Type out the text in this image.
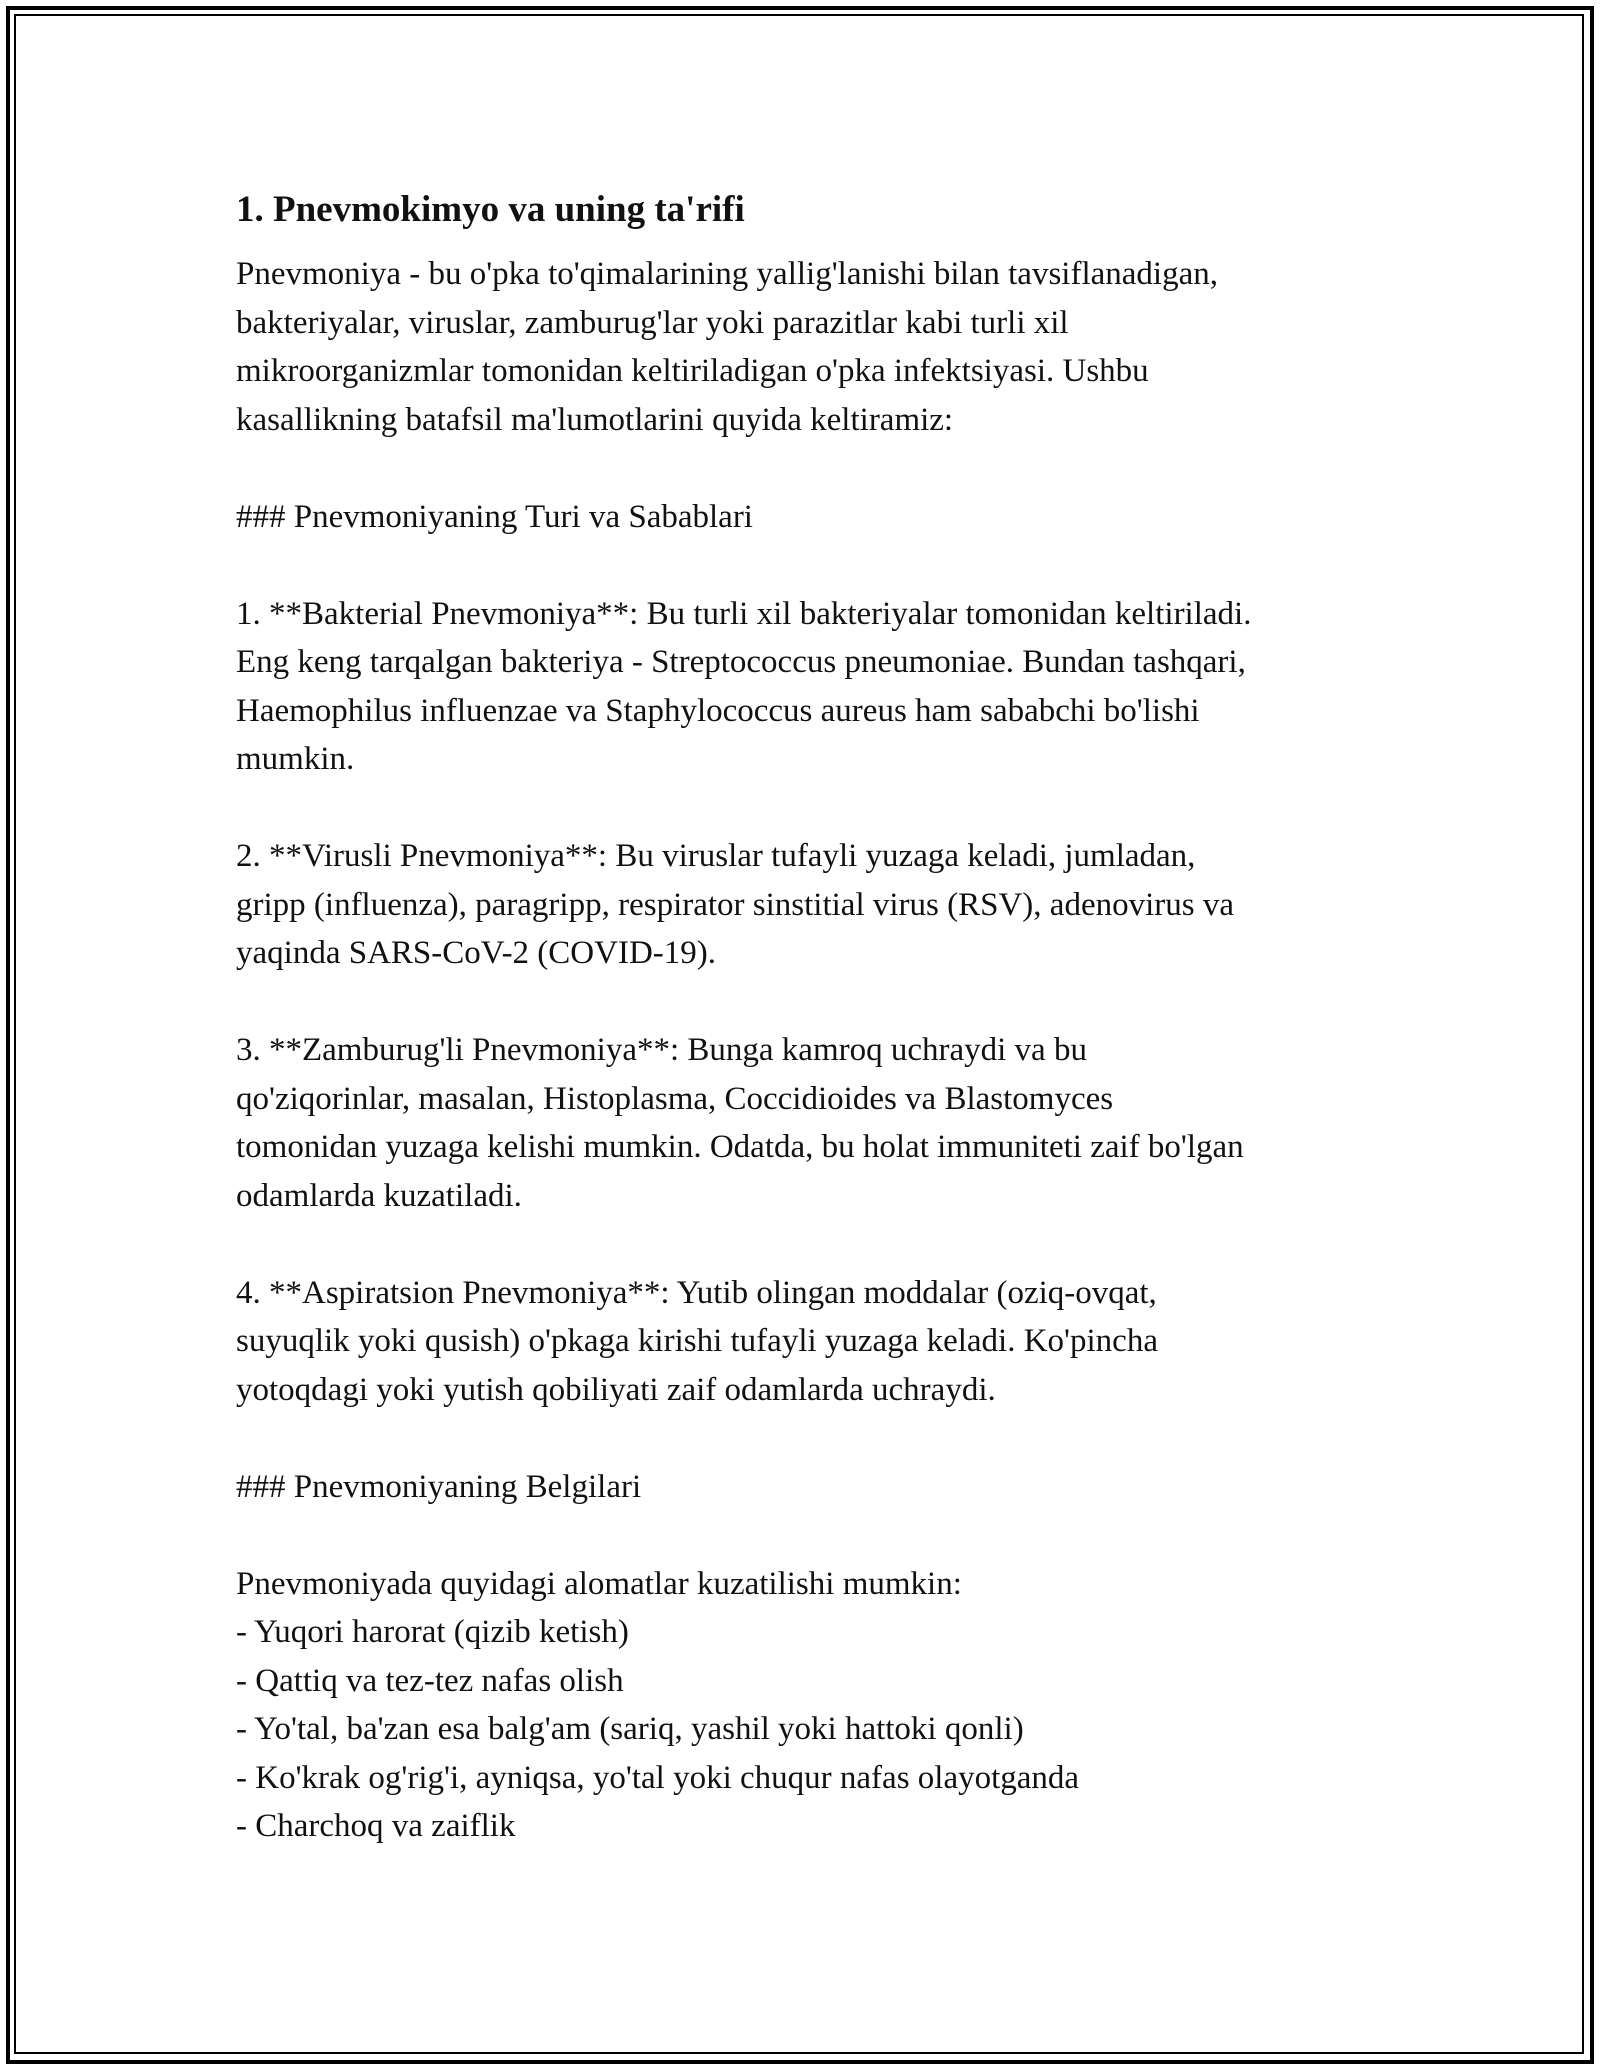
1. Pnevmokimyo va uning ta'rifi

Pnevmoniya - bu o'pka to'qimalarining yallig'lanishi bilan tavsiflanadigan,
bakteriyalar, viruslar, zamburug'lar yoki parazitlar kabi turli xil
mikroorganizmlar tomonidan keltiriladigan o'pka infektsiyasi. Ushbu
kasallikning batafsil ma'lumotlarini quyida keltiramiz:

### Pnevmoniyaning Turi va Sabablari

1. **Bakterial Pnevmoniya**: Bu turli xil bakteriyalar tomonidan keltiriladi.
Eng keng tarqalgan bakteriya - Streptococcus pneumoniae. Bundan tashqari,
Haemophilus influenzae va Staphylococcus aureus ham sababchi bo'lishi
mumkin.

2. **Virusli Pnevmoniya**: Bu viruslar tufayli yuzaga keladi, jumladan,
gripp (influenza), paragripp, respirator sinstitial virus (RSV), adenovirus va
yaqinda SARS-CoV-2 (COVID-19).

3. **Zamburug'li Pnevmoniya**: Bunga kamroq uchraydi va bu
qo'ziqorinlar, masalan, Histoplasma, Coccidioides va Blastomyces
tomonidan yuzaga kelishi mumkin. Odatda, bu holat immuniteti zaif bo'lgan
odamlarda kuzatiladi.

4. **Aspiratsion Pnevmoniya**: Yutib olingan moddalar (oziq-ovqat,
suyuqlik yoki qusish) o'pkaga kirishi tufayli yuzaga keladi. Ko'pincha
yotoqdagi yoki yutish qobiliyati zaif odamlarda uchraydi.

### Pnevmoniyaning Belgilari

Pnevmoniyada quyidagi alomatlar kuzatilishi mumkin:
- Yuqori harorat (qizib ketish)
- Qattiq va tez-tez nafas olish
- Yo'tal, ba'zan esa balg'am (sariq, yashil yoki hattoki qonli)
- Ko'krak og'rig'i, ayniqsa, yo'tal yoki chuqur nafas olayotganda
- Charchoq va zaiflik
